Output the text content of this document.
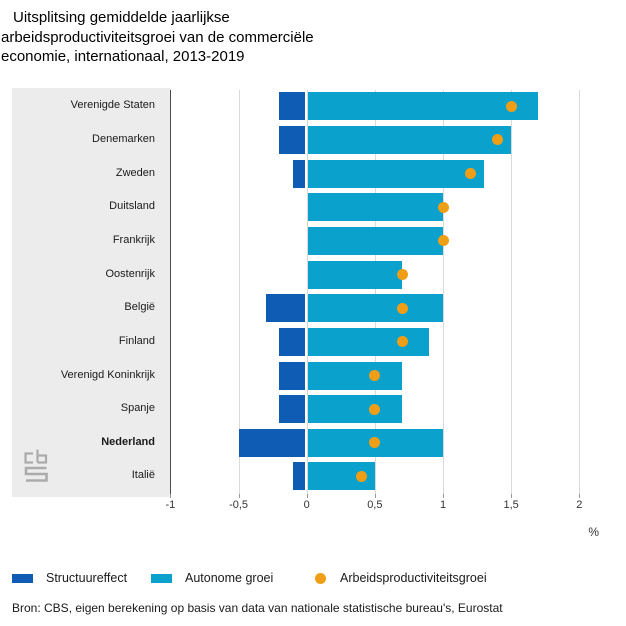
Uitsplitsing gemiddelde jaarlijkse
arbeidsproductiviteitsgroei van de commerciële
economie, internationaal, 2013-2019
%
-1	-0,5	0	0,5	1	1,5	2
Verenigde Staten
Denemarken
Zweden
Duitsland
Frankrijk
Oostenrijk
België
Finland
Verenigd Koninkrijk
Spanje
Nederland
Italië
Structuureffect	Autonome groei	Arbeidsproductiviteitsgroei
Bron: CBS, eigen berekening op basis van data van nationale statistische bureau's, Eurostat
